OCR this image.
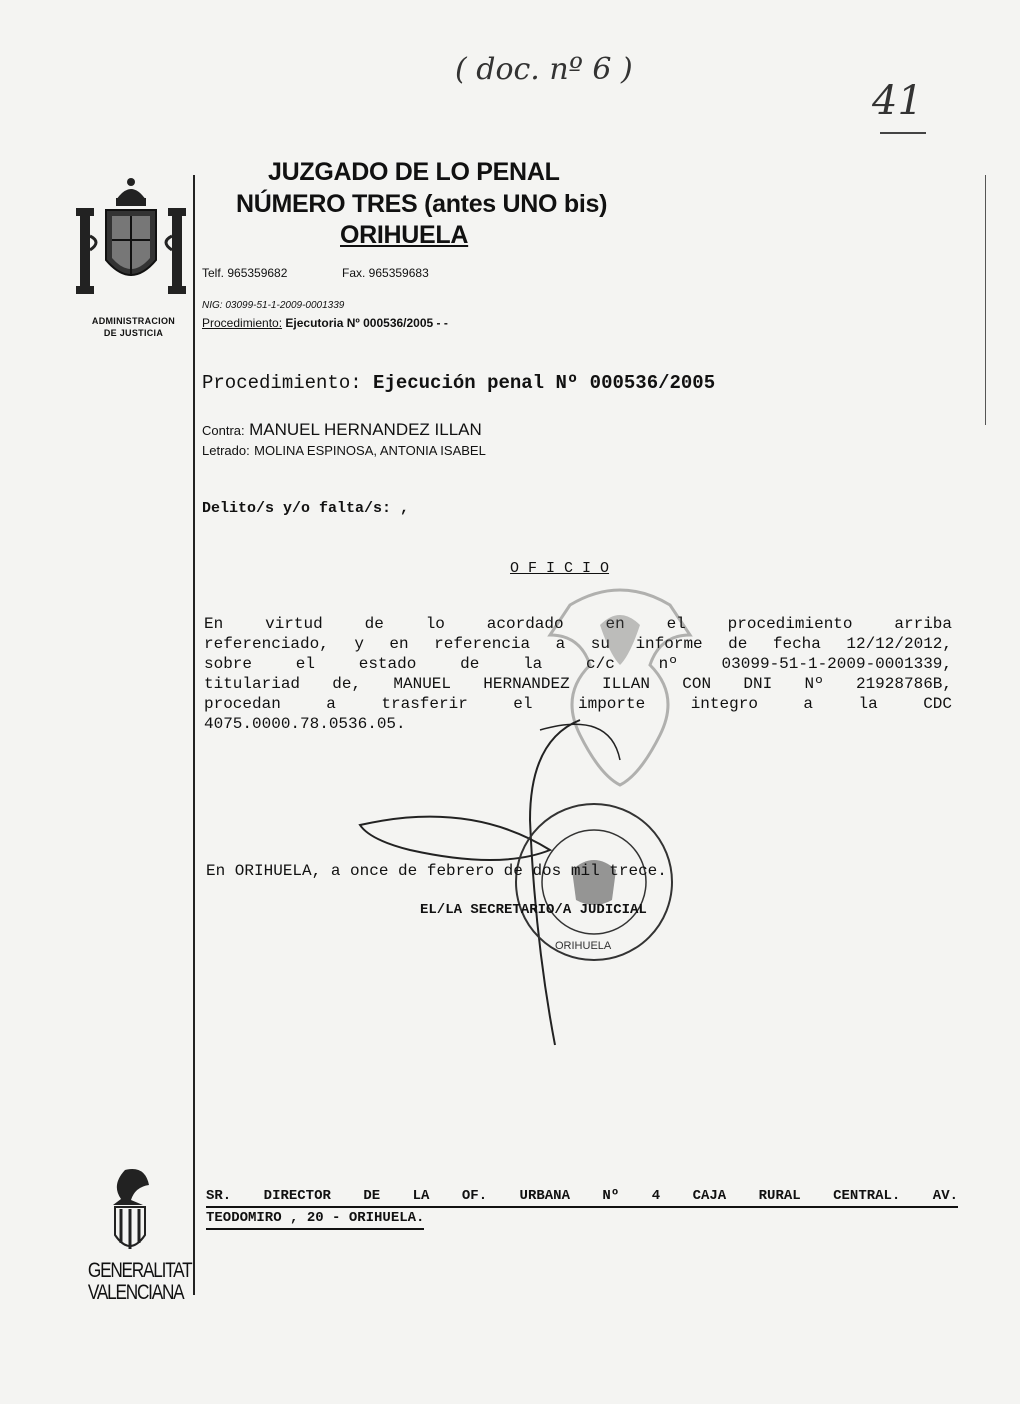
( doc. nº 6 )
41
ADMINISTRACION
DE JUSTICIA
JUZGADO DE LO PENAL
NÚMERO TRES (antes UNO bis)
ORIHUELA
Telf. 965359682	Fax. 965359683
NIG: 03099-51-1-2009-0001339
Procedimiento: Ejecutoria Nº 000536/2005 - -
Procedimiento: Ejecución penal Nº 000536/2005
Contra: MANUEL HERNANDEZ ILLAN
Letrado: MOLINA ESPINOSA, ANTONIA ISABEL
Delito/s y/o falta/s: ,
O F I C I O
En virtud de lo acordado en el procedimiento arriba
referenciado, y en referencia a su informe de fecha 12/12/2012,
sobre el estado de la c/c nº 03099-51-1-2009-0001339,
titulariad de, MANUEL HERNANDEZ ILLAN CON DNI Nº 21928786B,
procedan a trasferir el importe integro a la CDC
4075.0000.78.0536.05.
ORIHUELA
En ORIHUELA, a once de febrero de dos mil trece.
EL/LA SECRETARIO/A JUDICIAL
SR. DIRECTOR DE LA OF. URBANA Nº 4 CAJA RURAL CENTRAL. AV.
TEODOMIRO , 20 - ORIHUELA.
GENERALITAT
VALENCIANA
